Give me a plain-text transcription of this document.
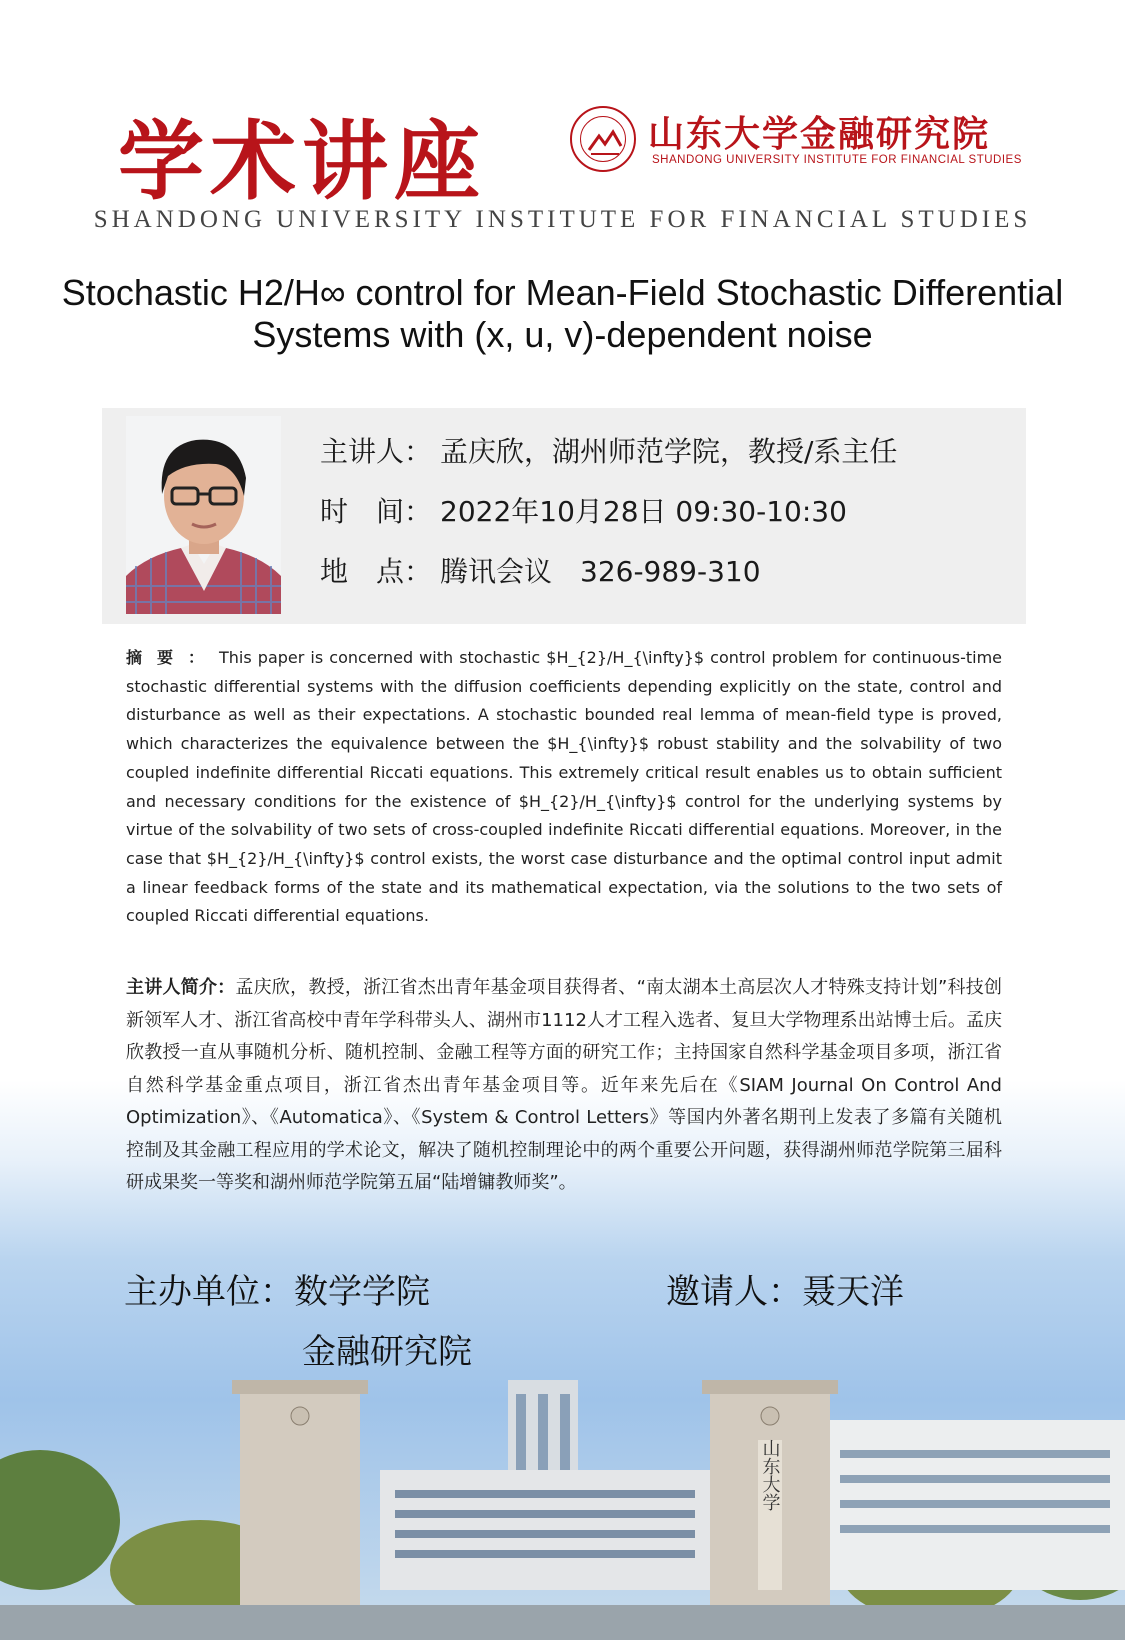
学术讲座	山东大学金融研究院
SHANDONG UNIVERSITY INSTITUTE FOR FINANCIAL STUDIES
SHANDONG UNIVERSITY INSTITUTE FOR FINANCIAL STUDIES
Stochastic H2/H∞ control for Mean-Field Stochastic Differential
Systems with (x, u, v)-dependent noise
主讲人： 孟庆欣，湖州师范学院，教授/系主任
时　间： 2022年10月28日 09:30-10:30
地　点： 腾讯会议　326-989-310
摘要：This paper is concerned with stochastic $H_{2}/H_{\infty}$ control problem for continuous-time stochastic differential systems with the diffusion coefficients depending explicitly on the state, control and disturbance as well as their expectations. A stochastic bounded real lemma of mean-field type is proved, which characterizes the equivalence between the $H_{\infty}$ robust stability and the solvability of two coupled indefinite differential Riccati equations. This extremely critical result enables us to obtain sufficient and necessary conditions for the existence of $H_{2}/H_{\infty}$ control for the underlying systems by virtue of the solvability of two sets of cross-coupled indefinite Riccati differential equations. Moreover, in the case that $H_{2}/H_{\infty}$ control exists, the worst case disturbance and the optimal control input admit a linear feedback forms of the state and its mathematical expectation, via the solutions to the two sets of coupled Riccati differential equations.
主讲人简介：孟庆欣，教授，浙江省杰出青年基金项目获得者、“南太湖本土高层次人才特殊支持计划”科技创新领军人才、浙江省高校中青年学科带头人、湖州市1112人才工程入选者、复旦大学物理系出站博士后。孟庆欣教授一直从事随机分析、随机控制、金融工程等方面的研究工作；主持国家自然科学基金项目多项，浙江省自然科学基金重点项目，浙江省杰出青年基金项目等。近年来先后在《SIAM Journal On Control And Optimization》、《Automatica》、《System & Control Letters》等国内外著名期刊上发表了多篇有关随机控制及其金融工程应用的学术论文，解决了随机控制理论中的两个重要公开问题，获得湖州师范学院第三届科研成果奖一等奖和湖州师范学院第五届“陆增镛教师奖”。
山东大学
主办单位：数学学院
金融研究院
邀请人：聂天洋
